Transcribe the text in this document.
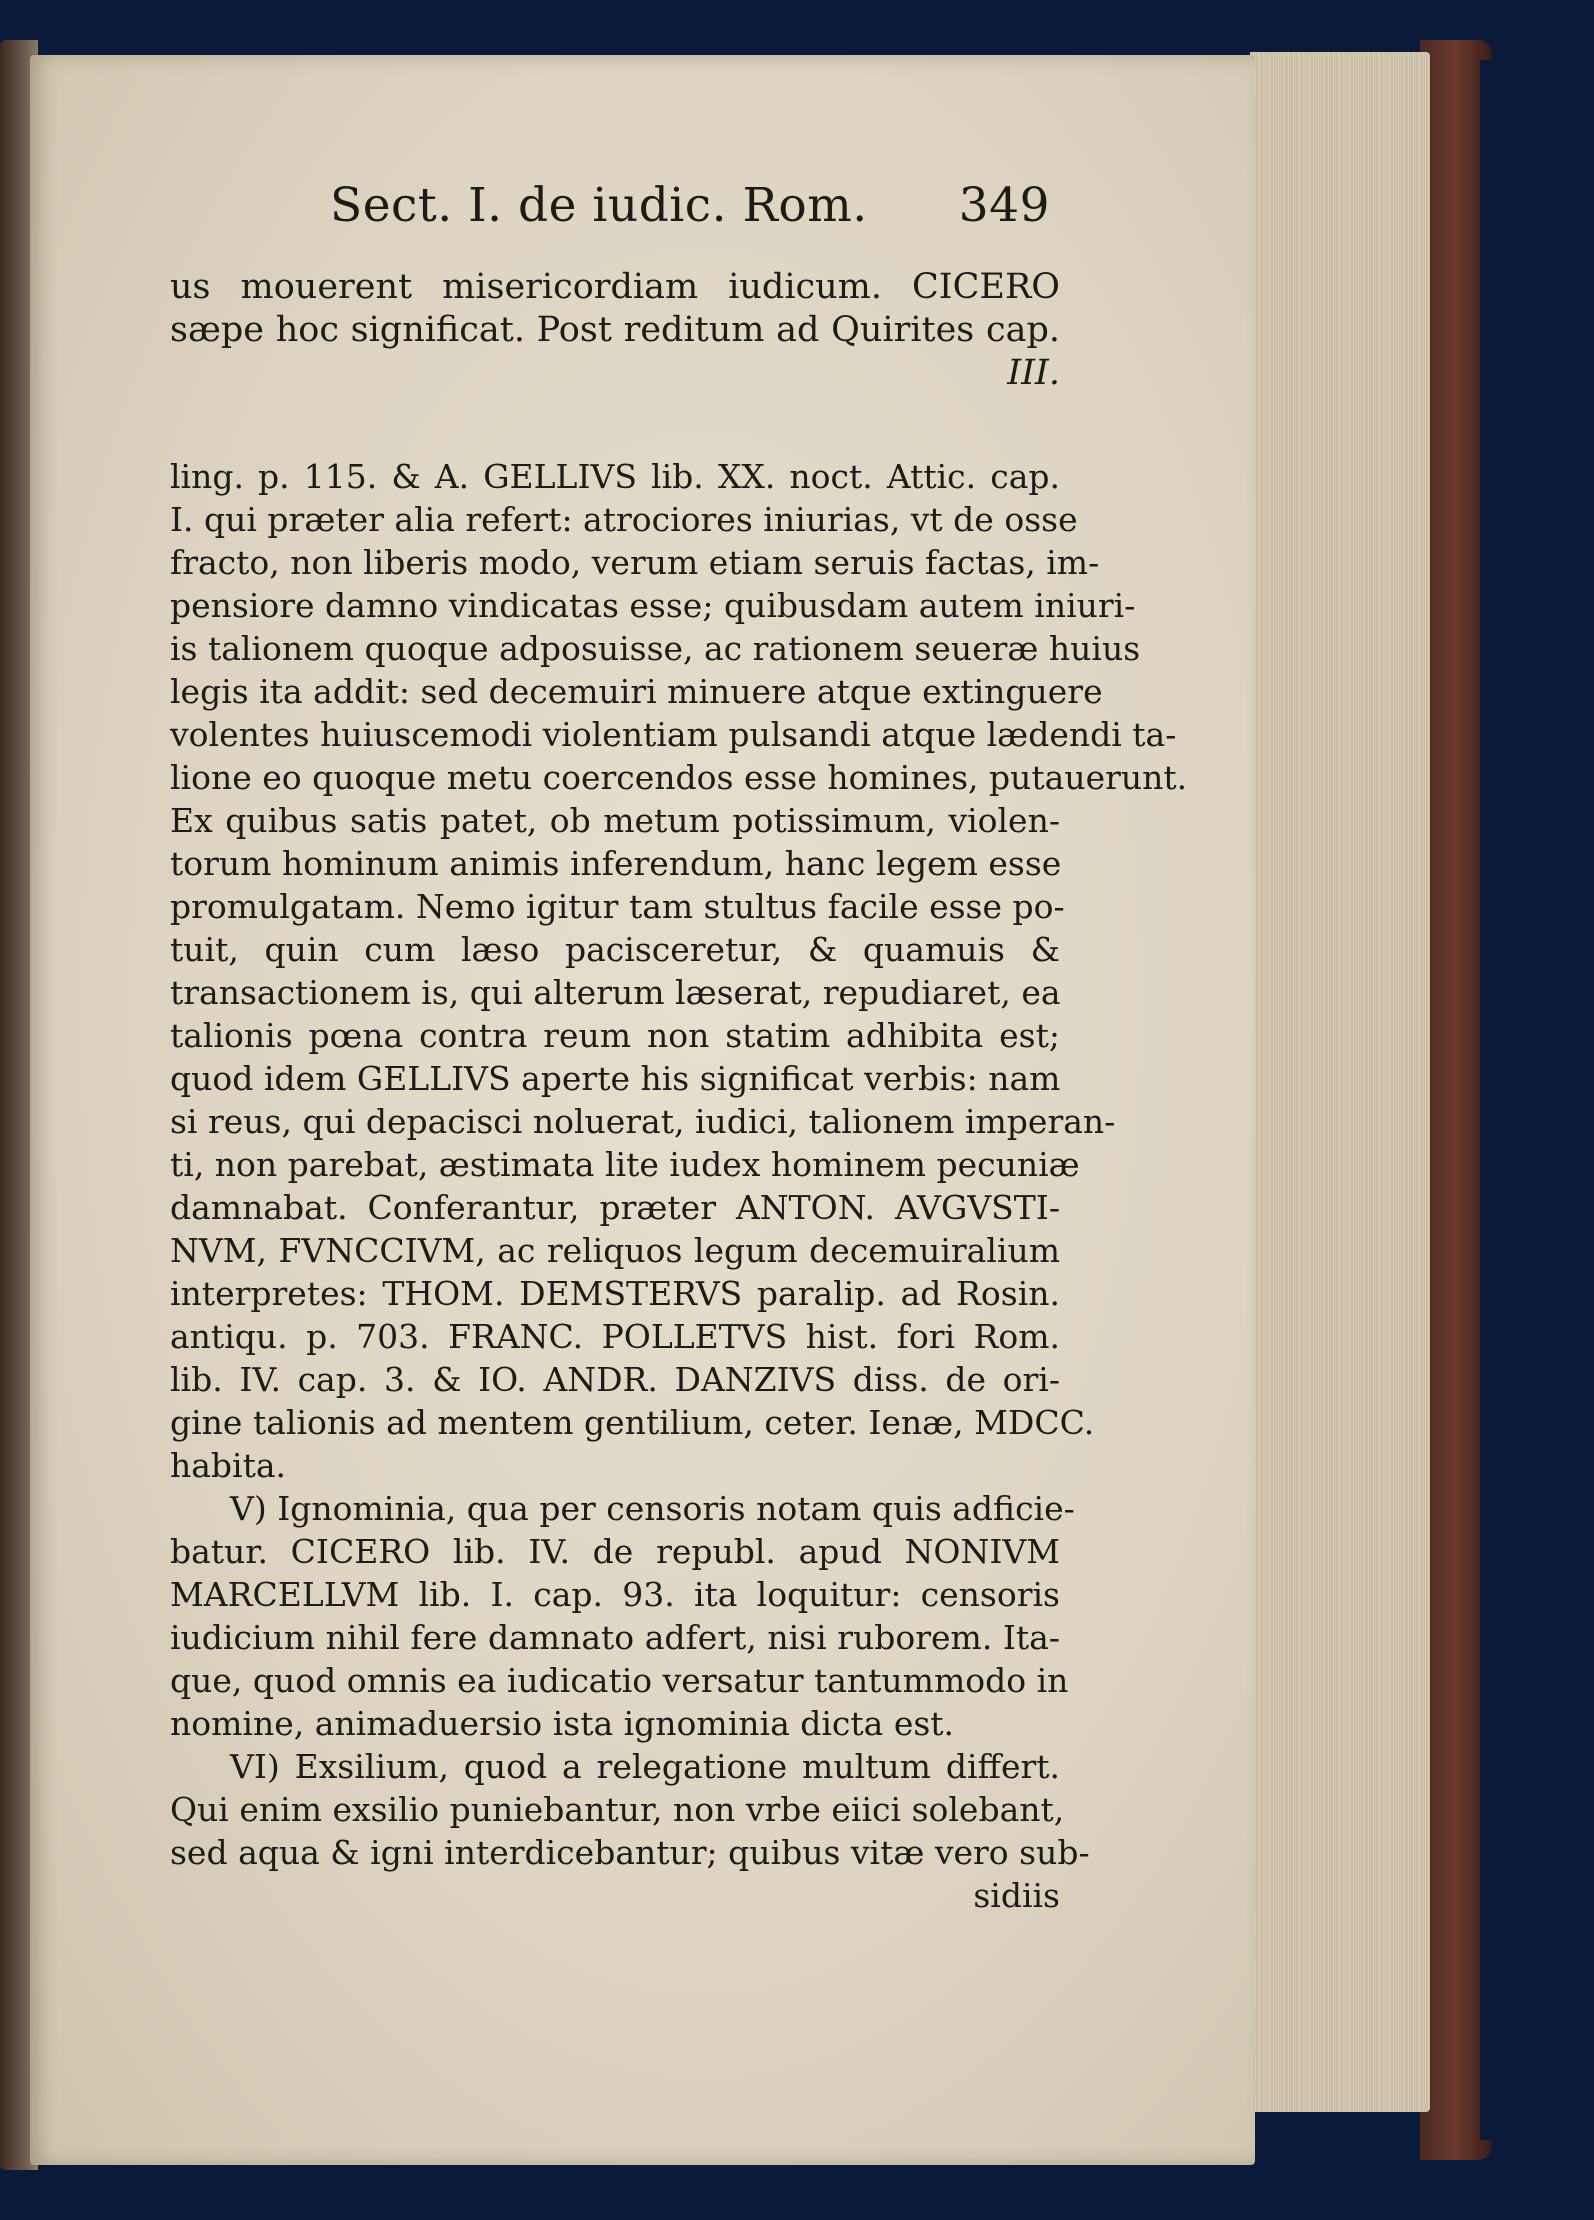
Sect. I. de iudic. Rom. 349
us mouerent misericordiam iudicum. CICERO
sæpe hoc significat. Post reditum ad Quirites cap.
III.
ling. p. 115. & A. GELLIVS lib. XX. noct. Attic. cap.
I. qui præter alia refert: atrociores iniurias, vt de osse
fracto, non liberis modo, verum etiam seruis factas, im-
pensiore damno vindicatas esse; quibusdam autem iniuri-
is talionem quoque adposuisse, ac rationem seueræ huius
legis ita addit: sed decemuiri minuere atque extinguere
volentes huiuscemodi violentiam pulsandi atque lædendi ta-
lione eo quoque metu coercendos esse homines, putauerunt.
Ex quibus satis patet, ob metum potissimum, violen-
torum hominum animis inferendum, hanc legem esse
promulgatam. Nemo igitur tam stultus facile esse po-
tuit, quin cum læso pacisceretur, & quamuis &
transactionem is, qui alterum læserat, repudiaret, ea
talionis pœna contra reum non statim adhibita est;
quod idem GELLIVS aperte his significat verbis: nam
si reus, qui depacisci noluerat, iudici, talionem imperan-
ti, non parebat, æstimata lite iudex hominem pecuniæ
damnabat. Conferantur, præter ANTON. AVGVSTI-
NVM, FVNCCIVM, ac reliquos legum decemuiralium
interpretes: THOM. DEMSTERVS paralip. ad Rosin.
antiqu. p. 703. FRANC. POLLETVS hist. fori Rom.
lib. IV. cap. 3. & IO. ANDR. DANZIVS diss. de ori-
gine talionis ad mentem gentilium, ceter. Ienæ, MDCC.
habita.
V) Ignominia, qua per censoris notam quis adficie-
batur. CICERO lib. IV. de republ. apud NONIVM
MARCELLVM lib. I. cap. 93. ita loquitur: censoris
iudicium nihil fere damnato adfert, nisi ruborem. Ita-
que, quod omnis ea iudicatio versatur tantummodo in
nomine, animaduersio ista ignominia dicta est.
VI) Exsilium, quod a relegatione multum differt.
Qui enim exsilio puniebantur, non vrbe eiici solebant,
sed aqua & igni interdicebantur; quibus vitæ vero sub-
sidiis
